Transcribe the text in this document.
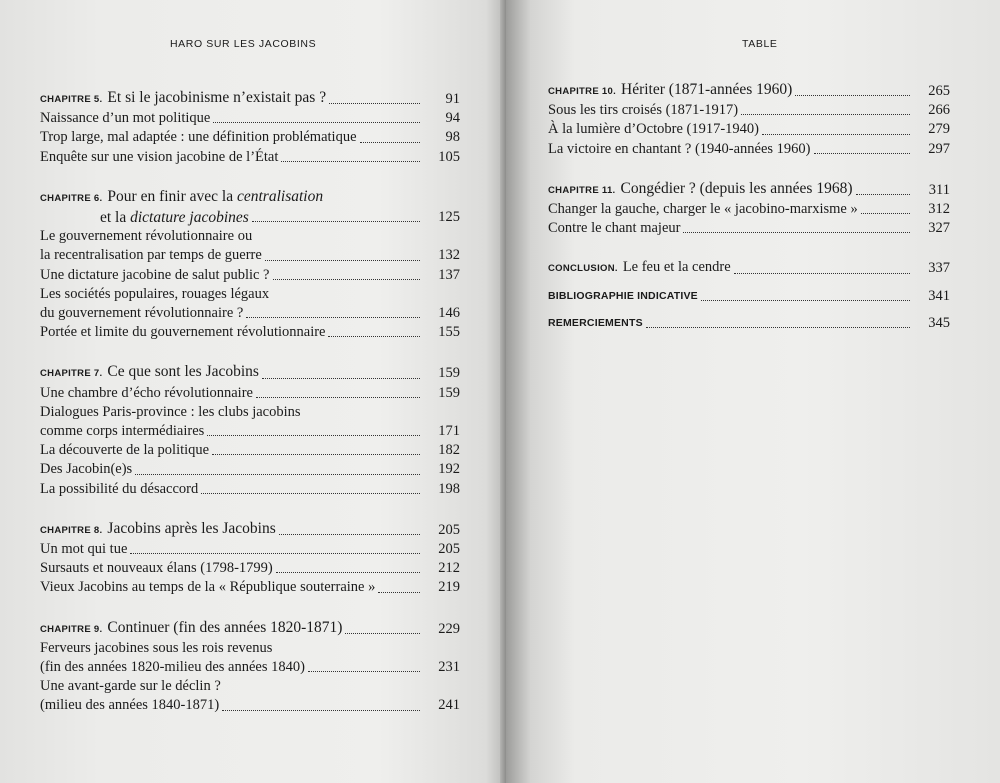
HARO SUR LES JACOBINS
CHAPITRE 5. Et si le jacobinisme n’existait pas ?	91
Naissance d’un mot politique	94
Trop large, mal adaptée : une définition problématique	98
Enquête sur une vision jacobine de l’État	105
CHAPITRE 6. Pour en finir avec la centralisation
et la dictature jacobines	125
Le gouvernement révolutionnaire ou
la recentralisation par temps de guerre	132
Une dictature jacobine de salut public ?	137
Les sociétés populaires, rouages légaux
du gouvernement révolutionnaire ?	146
Portée et limite du gouvernement révolutionnaire	155
CHAPITRE 7. Ce que sont les Jacobins	159
Une chambre d’écho révolutionnaire	159
Dialogues Paris-province : les clubs jacobins
comme corps intermédiaires	171
La découverte de la politique	182
Des Jacobin(e)s	192
La possibilité du désaccord	198
CHAPITRE 8. Jacobins après les Jacobins	205
Un mot qui tue	205
Sursauts et nouveaux élans (1798-1799)	212
Vieux Jacobins au temps de la « République souterraine »	219
CHAPITRE 9. Continuer (fin des années 1820-1871)	229
Ferveurs jacobines sous les rois revenus
(fin des années 1820-milieu des années 1840)	231
Une avant-garde sur le déclin ?
(milieu des années 1840-1871)	241
TABLE
CHAPITRE 10. Hériter (1871-années 1960)	265
Sous les tirs croisés (1871-1917)	266
À la lumière d’Octobre (1917-1940)	279
La victoire en chantant ? (1940-années 1960)	297
CHAPITRE 11. Congédier ? (depuis les années 1968)	311
Changer la gauche, charger le « jacobino-marxisme »	312
Contre le chant majeur	327
CONCLUSION. Le feu et la cendre	337
BIBLIOGRAPHIE INDICATIVE	341
REMERCIEMENTS	345
